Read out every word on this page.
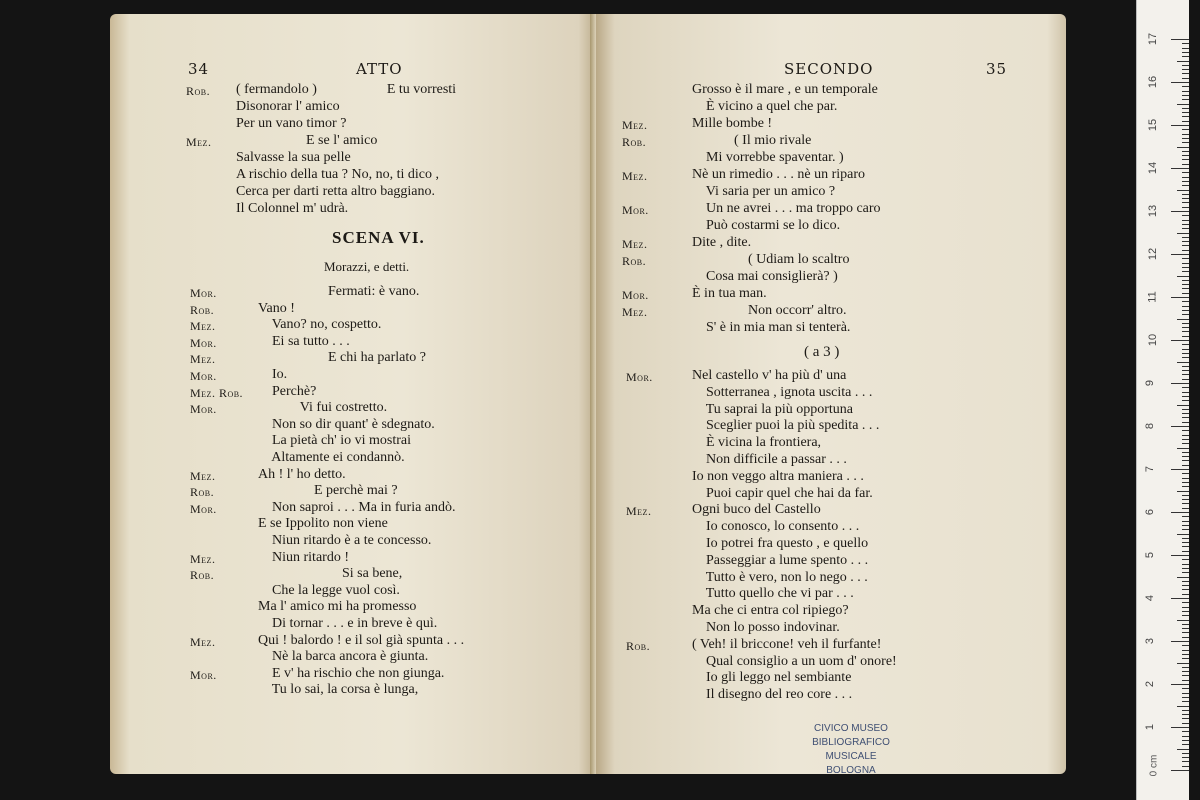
34	ATTO
Rob. ( fermandolo )                    E tu vorresti
Disonorar l' amico
Per un vano timor ?
Mez. E se l' amico
Salvasse la sua pelle
A rischio della tua ? No, no, ti dico ,
Cerca per darti retta altro baggiano.
Il Colonnel m' udrà.
SCENA VI.
Morazzi, e detti.
Mor.	Fermati: è vano.
Rob.	Vano !
Mez.	Vano? no, cospetto.
Mor.	Ei sa tutto . . .
Mez.	E chi ha parlato ?
Mor.	Io.
Mez. Rob. Perchè?
Mor.	Vi fui costretto.
Non so dir quant' è sdegnato.
La pietà ch' io vi mostrai
Altamente ei condannò.
Mez.	Ah ! l' ho detto.
Rob.	E perchè mai ?
Mor.	Non saproi . . . Ma in furia andò.
E se Ippolito non viene
Niun ritardo è a te concesso.
Mez.	Niun ritardo !
Rob.	Si sa bene,
Che la legge vuol così.
Ma l' amico mi ha promesso
Di tornar . . . e in breve è quì.
Mez.	Qui ! balordo ! e il sol già spunta . . .
Nè la barca ancora è giunta.
Mor.	E v' ha rischio che non giunga.
Tu lo sai, la corsa è lunga,
SECONDO	35
Grosso è il mare , e un temporale
È vicino a quel che par.
Mez.	Mille bombe !
Rob.	( Il mio rivale
Mi vorrebbe spaventar. )
Mez.	Nè un rimedio . . . nè un riparo
Vi saria per un amico ?
Mor.	Un ne avrei . . . ma troppo caro
Può costarmi se lo dico.
Mez.	Dite , dite.
Rob.	( Udiam lo scaltro
Cosa mai consiglierà? )
Mor.	È in tua man.
Mez.	Non occorr' altro.
S' è in mia man si tenterà.
( a 3 )
Mor.	Nel castello v' ha più d' una
Sotterranea , ignota uscita . . .
Tu saprai la più opportuna
Sceglier puoi la più spedita . . .
È vicina la frontiera,
Non difficile a passar . . .
Io non veggo altra maniera . . .
Puoi capir quel che hai da far.
Mez.	Ogni buco del Castello
Io conosco, lo consento . . .
Io potrei fra questo , e quello
Passeggiar a lume spento . . .
Tutto è vero, non lo nego . . .
Tutto quello che vi par . . .
Ma che ci entra col ripiego?
Non lo posso indovinar.
Rob.	( Veh! il briccone! veh il furfante!
Qual consiglio a un uom d' onore!
Io gli leggo nel sembiante
Il disegno del reo core . . .
CIVICO MUSEO
BIBLIOGRAFICO MUSICALE
BOLOGNA	0 cm
17
16
15
14
13
12
11
10
9
8
7
6
5
4
3
2
1
